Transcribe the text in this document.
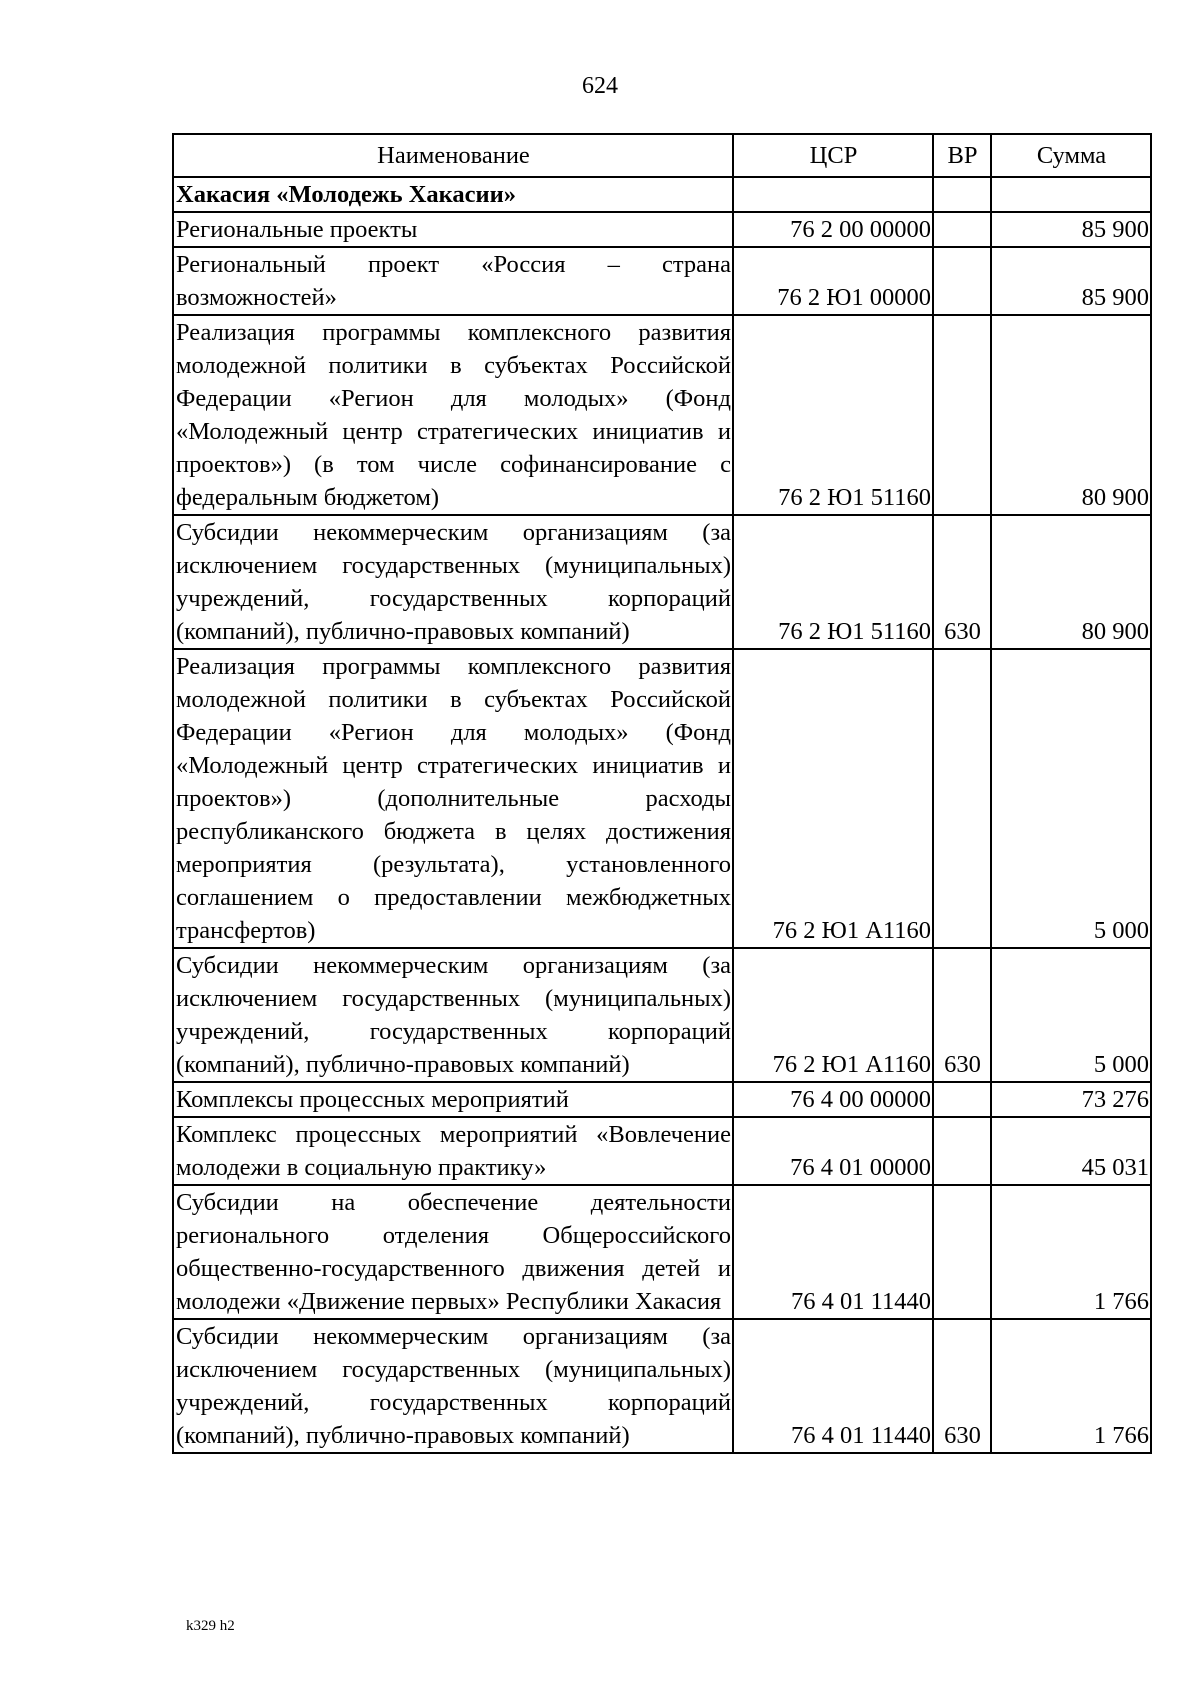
624
Наименование	ЦСР	ВР	Сумма
Хакасия «Молодежь Хакасии»			
Региональные проекты	76 2 00 00000		85 900
Региональный проект «Россия – страна возможностей»	76 2 Ю1 00000		85 900
Реализация программы комплексного развития молодежной политики в субъектах Российской Федерации «Регион для молодых» (Фонд «Молодежный центр стратегических инициатив и проектов») (в том числе софинансирование с федеральным бюджетом)	76 2 Ю1 51160		80 900
Субсидии некоммерческим организациям (за исключением государственных (муниципальных) учреждений, государственных корпораций (компаний), публично-правовых компаний)	76 2 Ю1 51160	630	80 900
Реализация программы комплексного развития молодежной политики в субъектах Российской Федерации «Регион для молодых» (Фонд «Молодежный центр стратегических инициатив и проектов») (дополнительные расходы республиканского бюджета в целях достижения мероприятия (результата), установленного соглашением о предоставлении межбюджетных трансфертов)	76 2 Ю1 А1160		5 000
Субсидии некоммерческим организациям (за исключением государственных (муниципальных) учреждений, государственных корпораций (компаний), публично-правовых компаний)	76 2 Ю1 А1160	630	5 000
Комплексы процессных мероприятий	76 4 00 00000		73 276
Комплекс процессных мероприятий «Вовлечение молодежи в социальную практику»	76 4 01 00000		45 031
Субсидии на обеспечение деятельности регионального отделения Общероссийского общественно-государственного движения детей и молодежи «Движение первых» Республики Хакасия	76 4 01 11440		1 766
Субсидии некоммерческим организациям (за исключением государственных (муниципальных) учреждений, государственных корпораций (компаний), публично-правовых компаний)	76 4 01 11440	630	1 766
k329 h2
